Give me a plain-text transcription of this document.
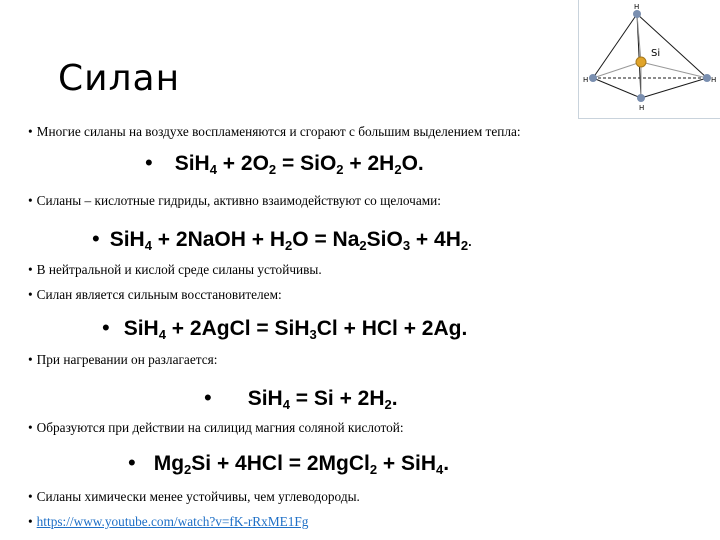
Силан
Si
H
H	H
H
• Многие силаны на воздухе воспламеняются и сгорают с большим выделением тепла:
• $SiH_4 + 2O_2 = SiO_2 + 2H_2O$.
• Силаны – кислотные гидриды, активно взаимодействуют со щелочами:
• SiH$_4$ + 2NaOH + $H_2O = Na_2SiO_3 + 4H_2$.
• В нейтральной и кислой среде силаны устойчивы.
• Силан является сильным восстановителем:
• SiH$_4$ + 2AgCl = SiH$_3$Cl + HCl + 2Ag.
• При нагревании он разлагается:
• $SiH_4 = Si + 2H_2$.
• Образуются при действии на силицид магния соляной кислотой:
• $Mg_2Si + 4HCl$ = 2MgCl$_2$ + SiH$_4$.
• Силаны химически менее устойчивы, чем углеводороды.
• https://www.youtube.com/watch?v=fK-rRxME1Fg
